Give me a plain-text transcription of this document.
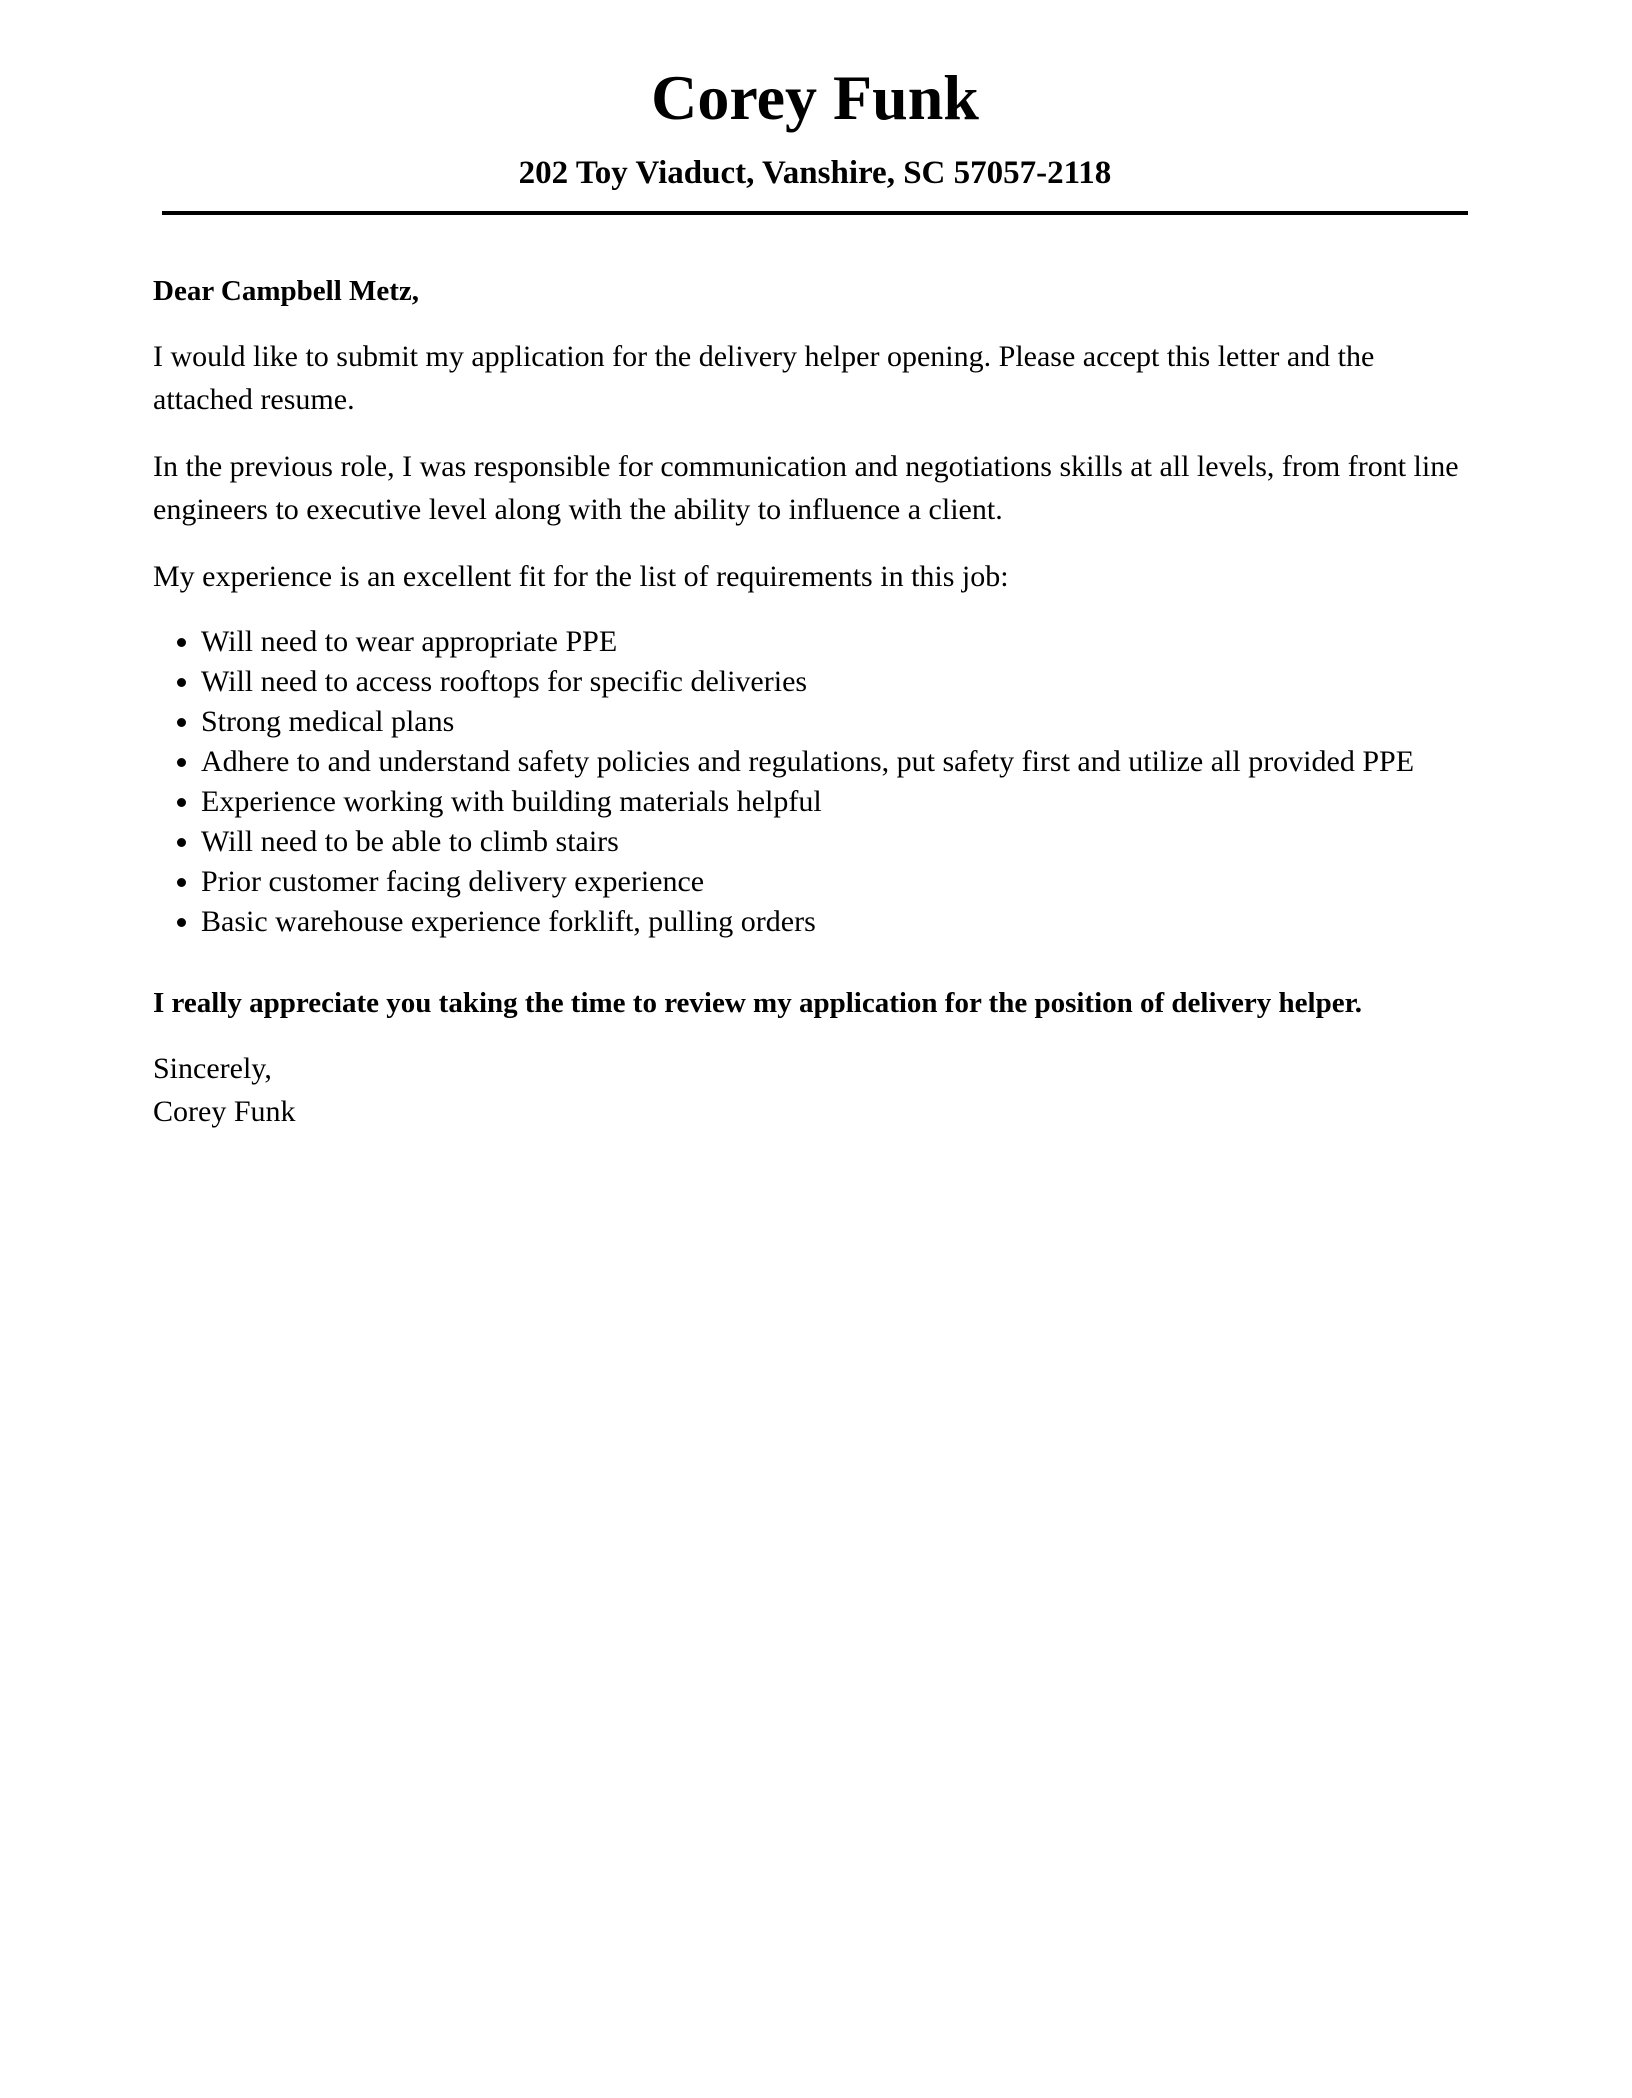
Corey Funk
202 Toy Viaduct, Vanshire, SC 57057-2118

Dear Campbell Metz,

I would like to submit my application for the delivery helper opening. Please accept this letter and the attached resume.

In the previous role, I was responsible for communication and negotiations skills at all levels, from front line engineers to executive level along with the ability to influence a client.

My experience is an excellent fit for the list of requirements in this job:

• Will need to wear appropriate PPE
• Will need to access rooftops for specific deliveries
• Strong medical plans
• Adhere to and understand safety policies and regulations, put safety first and utilize all provided PPE
• Experience working with building materials helpful
• Will need to be able to climb stairs
• Prior customer facing delivery experience
• Basic warehouse experience forklift, pulling orders

I really appreciate you taking the time to review my application for the position of delivery helper.

Sincerely,

Corey Funk
